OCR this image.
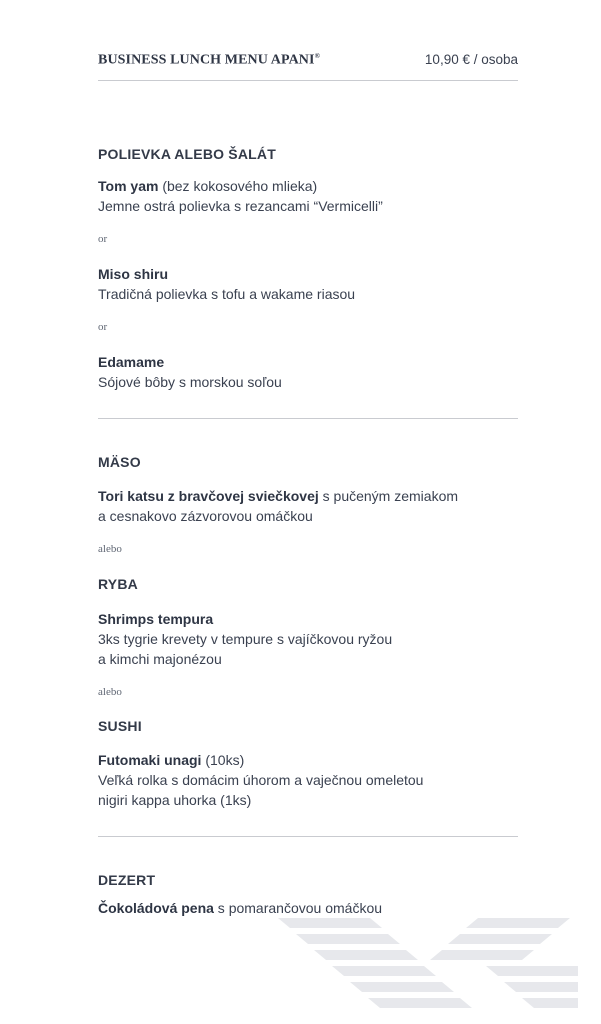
BUSINESS LUNCH MENU APANI®	10,90 € / osoba
POLIEVKA ALEBO ŠALÁT
Tom yam (bez kokosového mlieka)
Jemne ostrá polievka s rezancami “Vermicelli”
or
Miso shiru
Tradičná polievka s tofu a wakame riasou
or
Edamame
Sójové bôby s morskou soľou
MÄSO
Tori katsu z bravčovej sviečkovej s pučeným zemiakom
a cesnakovo zázvorovou omáčkou
alebo
RYBA
Shrimps tempura
3ks tygrie krevety v tempure s vajíčkovou ryžou
a kimchi majonézou
alebo
SUSHI
Futomaki unagi (10ks)
Veľká rolka s domácim úhorom a vaječnou omeletou
nigiri kappa uhorka (1ks)
DEZERT
Čokoládová pena s pomarančovou omáčkou
